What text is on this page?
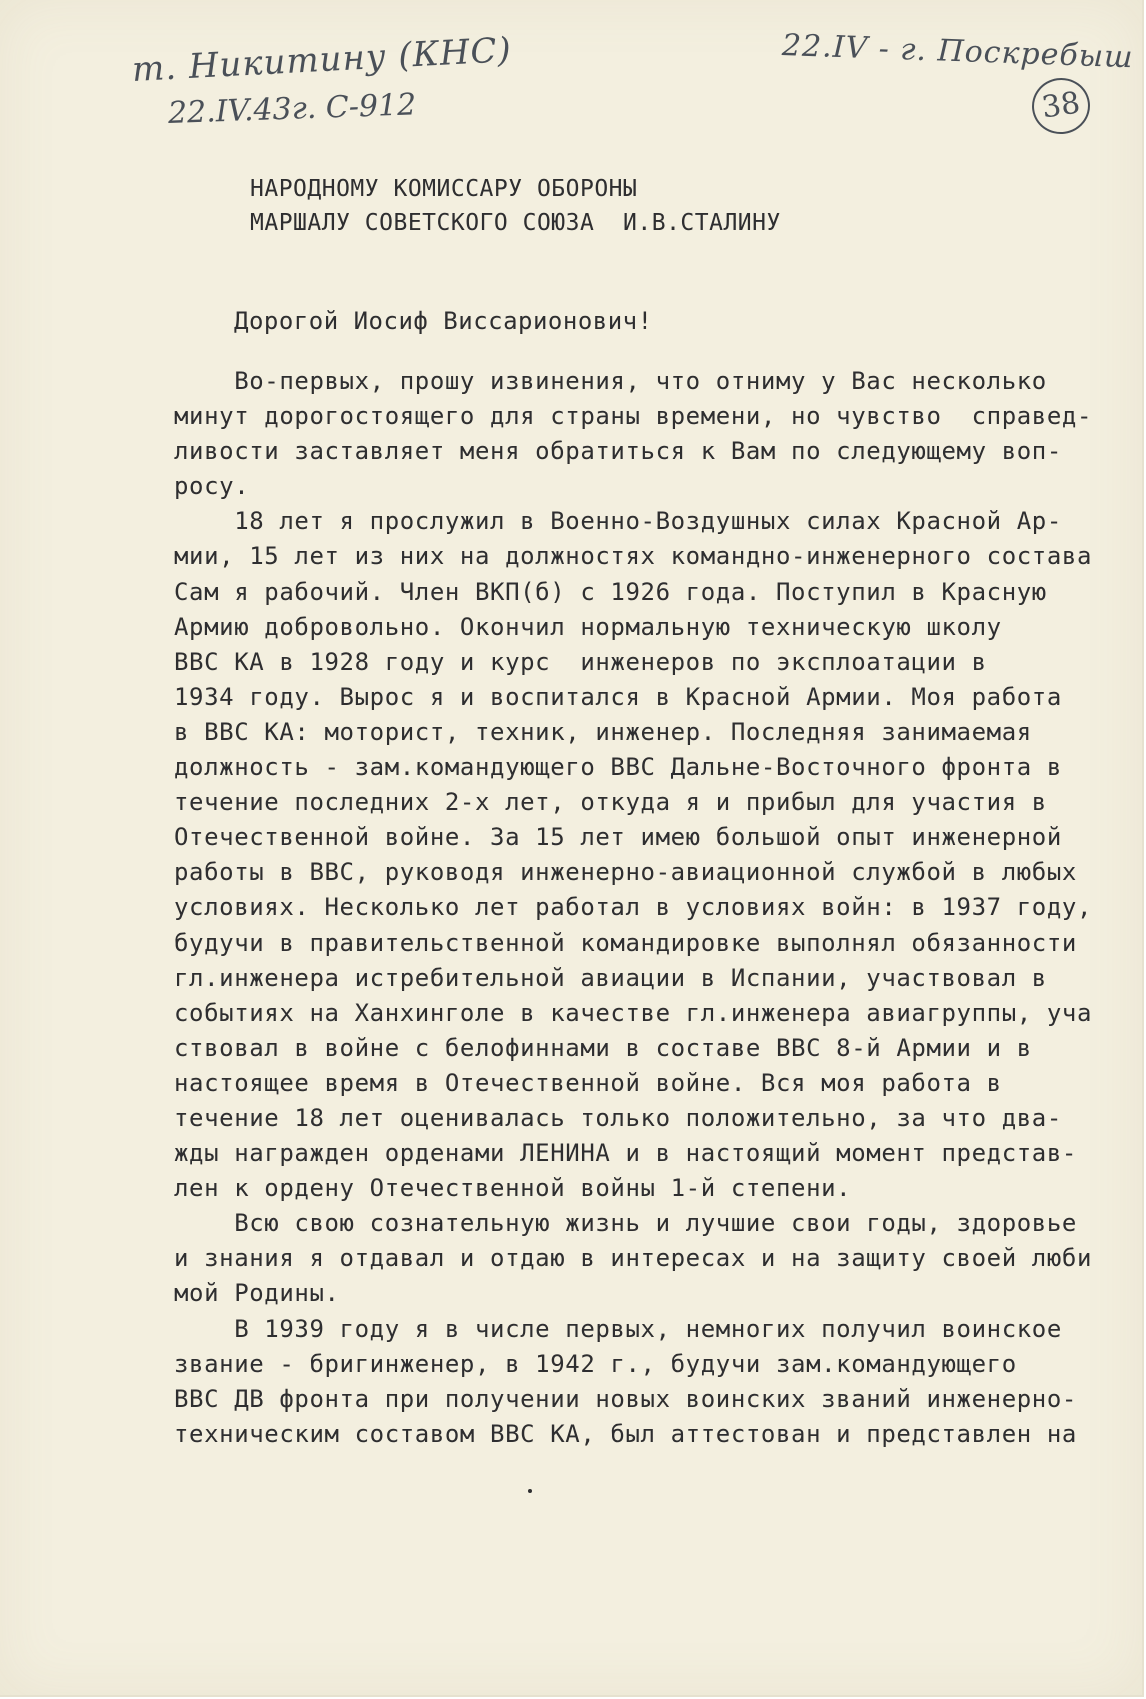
т. Никитину (КНС)
22.IV.43г. С-912
22.IV - г. Поскребыш
38
НАРОДНОМУ КОМИССАРУ ОБОРОНЫ
МАРШАЛУ СОВЕТСКОГО СОЮЗА  И.В.СТАЛИНУ
Дорогой Иосиф Виссарионович!
Во-первых, прошу извинения, что отниму у Вас несколько
минут дорогостоящего для страны времени, но чувство  справед-
ливости заставляет меня обратиться к Вам по следующему воп-
росу.
18 лет я прослужил в Военно-Воздушных силах Красной Ар-
мии, 15 лет из них на должностях командно-инженерного состава
Сам я рабочий. Член ВКП(б) с 1926 года. Поступил в Красную
Армию добровольно. Окончил нормальную техническую школу
ВВС КА в 1928 году и курс  инженеров по эксплоатации в
1934 году. Вырос я и воспитался в Красной Армии. Моя работа
в ВВС КА: моторист, техник, инженер. Последняя занимаемая
должность - зам.командующего ВВС Дальне-Восточного фронта в
течение последних 2-х лет, откуда я и прибыл для участия в
Отечественной войне. За 15 лет имею большой опыт инженерной
работы в ВВС, руководя инженерно-авиационной службой в любых
условиях. Несколько лет работал в условиях войн: в 1937 году,
будучи в правительственной командировке выполнял обязанности
гл.инженера истребительной авиации в Испании, участвовал в
событиях на Ханхинголе в качестве гл.инженера авиагруппы, уча
ствовал в войне с белофиннами в составе ВВС 8-й Армии и в
настоящее время в Отечественной войне. Вся моя работа в
течение 18 лет оценивалась только положительно, за что два-
жды награжден орденами ЛЕНИНА и в настоящий момент представ-
лен к ордену Отечественной войны 1-й степени.
Всю свою сознательную жизнь и лучшие свои годы, здоровье
и знания я отдавал и отдаю в интересах и на защиту своей люби
мой Родины.
В 1939 году я в числе первых, немногих получил воинское
звание - бригинженер, в 1942 г., будучи зам.командующего
ВВС ДВ фронта при получении новых воинских званий инженерно-
техническим составом ВВС КА, был аттестован и представлен на
